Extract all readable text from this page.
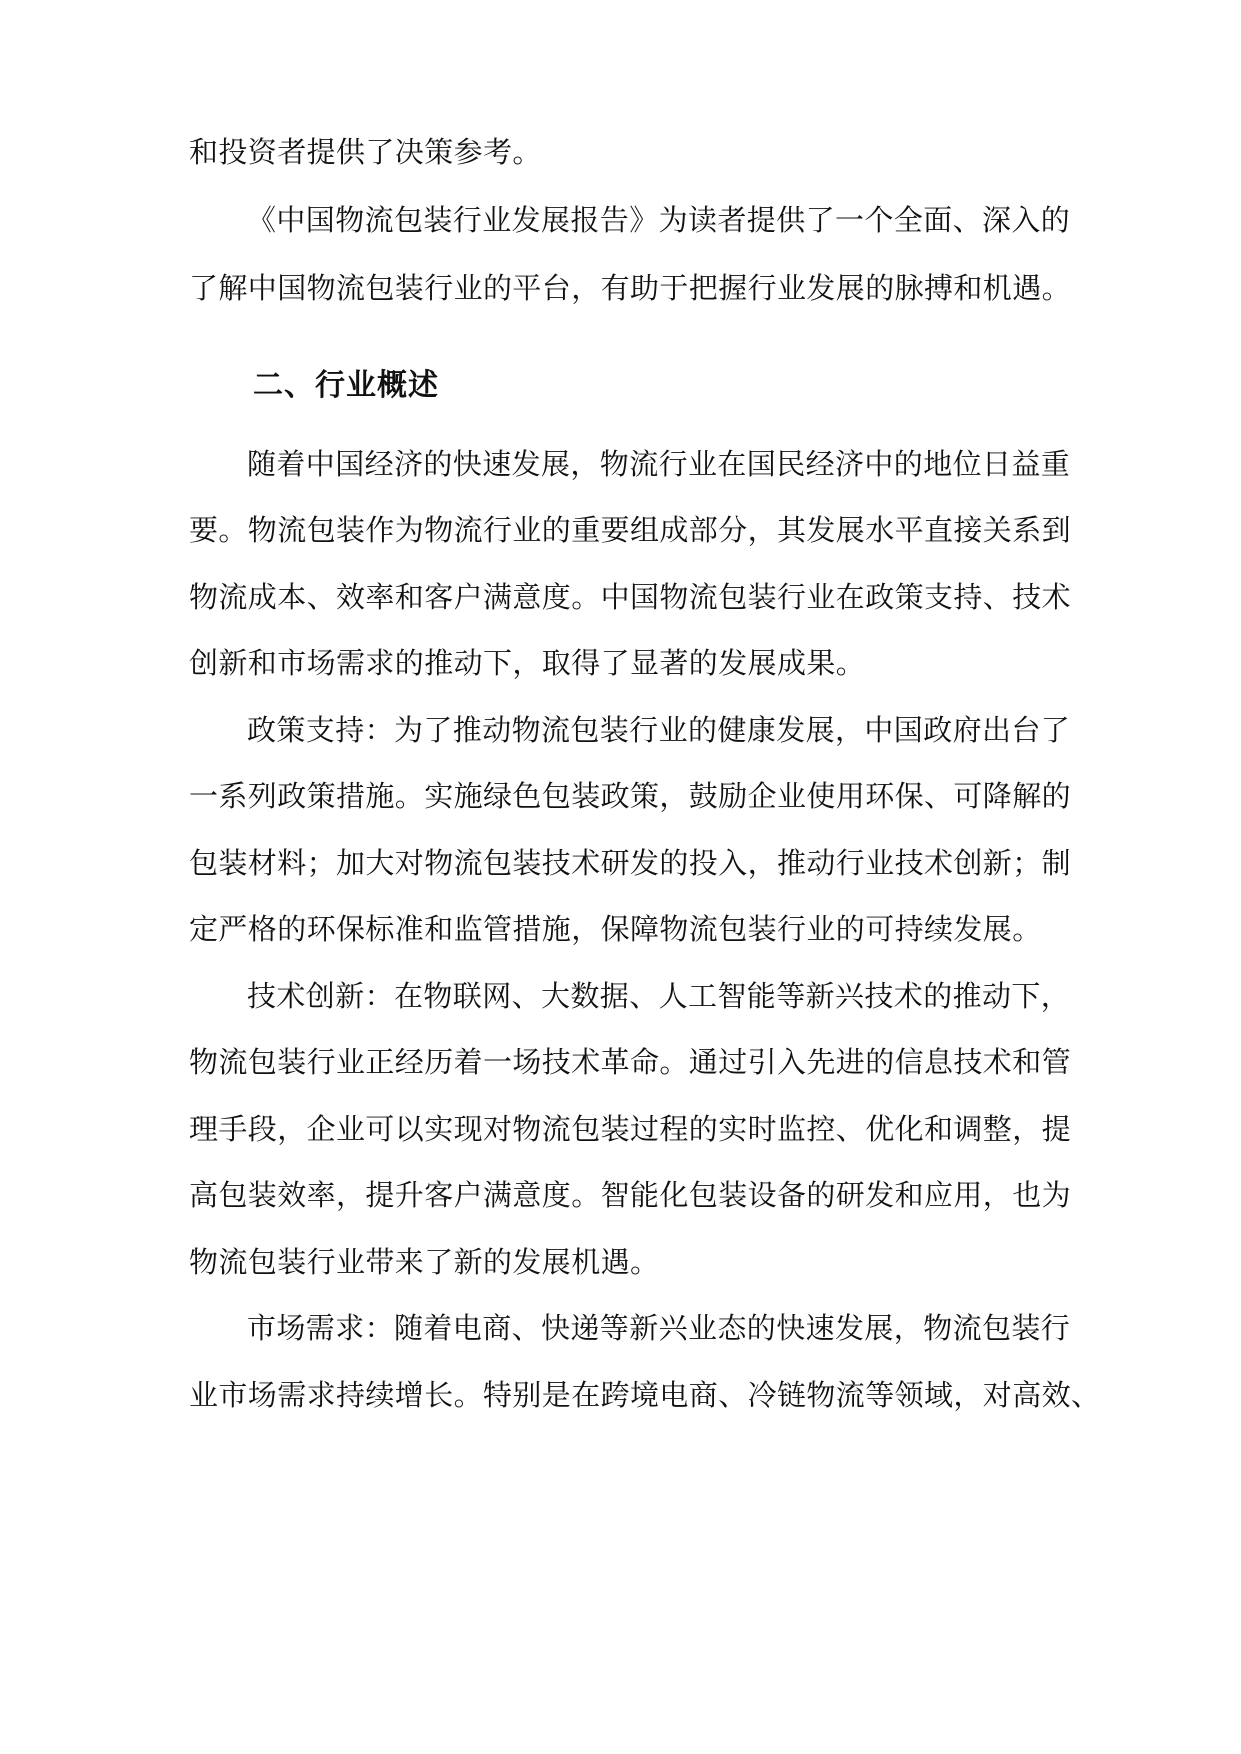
和投资者提供了决策参考。
《中国物流包装行业发展报告》为读者提供了一个全面、深入的
了解中国物流包装行业的平台，有助于把握行业发展的脉搏和机遇。
二、行业概述
随着中国经济的快速发展，物流行业在国民经济中的地位日益重
要。物流包装作为物流行业的重要组成部分，其发展水平直接关系到
物流成本、效率和客户满意度。中国物流包装行业在政策支持、技术
创新和市场需求的推动下，取得了显著的发展成果。
政策支持：为了推动物流包装行业的健康发展，中国政府出台了
一系列政策措施。实施绿色包装政策，鼓励企业使用环保、可降解的
包装材料；加大对物流包装技术研发的投入，推动行业技术创新；制
定严格的环保标准和监管措施，保障物流包装行业的可持续发展。
技术创新：在物联网、大数据、人工智能等新兴技术的推动下，
物流包装行业正经历着一场技术革命。通过引入先进的信息技术和管
理手段，企业可以实现对物流包装过程的实时监控、优化和调整，提
高包装效率，提升客户满意度。智能化包装设备的研发和应用，也为
物流包装行业带来了新的发展机遇。
市场需求：随着电商、快递等新兴业态的快速发展，物流包装行
业市场需求持续增长。特别是在跨境电商、冷链物流等领域，对高效、
